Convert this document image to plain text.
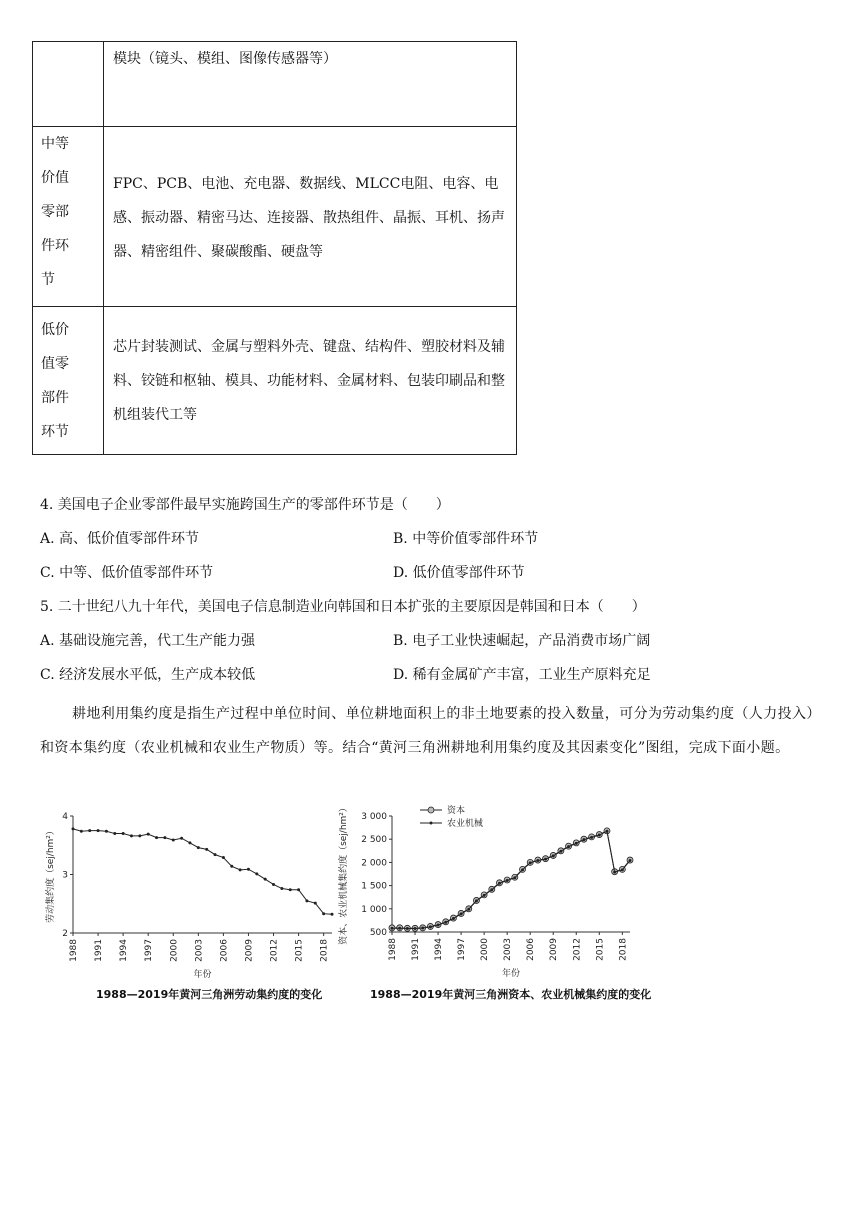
	模块（镜头、模组、图像传感器等）

中等
价值
零部
件环
节	FPC、PCB、电池、充电器、数据线、MLCC电阻、电容、电感、振动器、精密马达、连接器、散热组件、晶振、耳机、扬声器、精密组件、聚碳酸酯、硬盘等

低价
值零
部件
环节	芯片封装测试、金属与塑料外壳、键盘、结构件、塑胶材料及辅料、铰链和枢轴、模具、功能材料、金属材料、包装印刷品和整机组装代工等
4. 美国电子企业零部件最早实施跨国生产的零部件环节是（　　）
A. 高、低价值零部件环节	B. 中等价值零部件环节
C. 中等、低价值零部件环节	D. 低价值零部件环节
5. 二十世纪八九十年代，美国电子信息制造业向韩国和日本扩张的主要原因是韩国和日本（　　）
A. 基础设施完善，代工生产能力强	B. 电子工业快速崛起，产品消费市场广阔
C. 经济发展水平低，生产成本较低	D. 稀有金属矿产丰富，工业生产原料充足
耕地利用集约度是指生产过程中单位时间、单位耕地面积上的非土地要素的投入数量，可分为劳动集约度（人力投入）和资本集约度（农业机械和农业生产物质）等。结合“黄河三角洲耕地利用集约度及其因素变化”图组，完成下面小题。
2
3
4
1988 1991 1994 1997 2000 2003 2006 2009 2012 2015 2018
年份
劳动集约度（sej/hm²）
500
1 000
1 500
2 000
2 500
3 000
1988 1991 1994 1997 2000 2003 2006 2009 2012 2015 2018
年份
资本、农业机械集约度（sej/hm²）	资本
农业机械
1988—2019年黄河三角洲劳动集约度的变化	1988—2019年黄河三角洲资本、农业机械集约度的变化
